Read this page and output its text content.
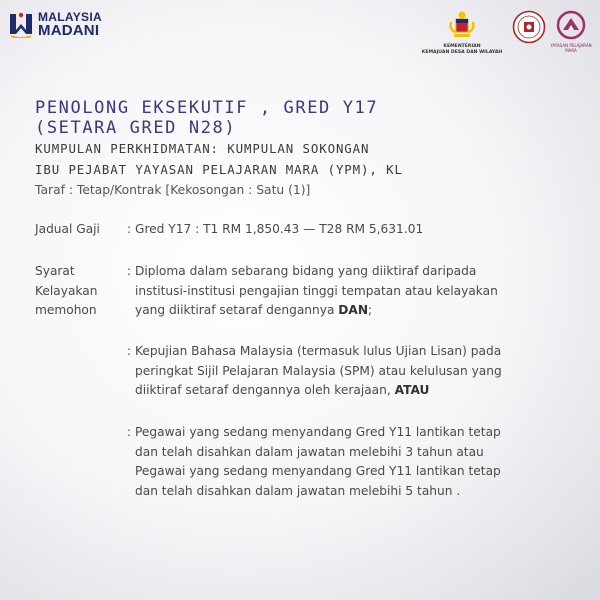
MALAYSIA
MADANI
KEMENTERIAN
KEMAJUAN DESA DAN WILAYAH
YAYASAN PELAJARAN MARA
PENOLONG EKSEKUTIF , GRED Y17
(SETARA GRED N28)
KUMPULAN PERKHIDMATAN: KUMPULAN SOKONGAN
IBU PEJABAT YAYASAN PELAJARAN MARA (YPM), KL
Taraf : Tetap/Kontrak [Kekosongan : Satu (1)]
Jadual Gaji	: Gred Y17 : T1 RM 1,850.43 — T28 RM 5,631.01
Syarat
Kelayakan
memohon
: Diploma dalam sebarang bidang yang diiktiraf daripada
institusi-institusi pengajian tinggi tempatan atau kelayakan
yang diiktiraf setaraf dengannya DAN;
: Kepujian Bahasa Malaysia (termasuk lulus Ujian Lisan) pada
peringkat Sijil Pelajaran Malaysia (SPM) atau kelulusan yang
diiktiraf setaraf dengannya oleh kerajaan, ATAU
: Pegawai yang sedang menyandang Gred Y11 lantikan tetap
dan telah disahkan dalam jawatan melebihi 3 tahun atau
Pegawai yang sedang menyandang Gred Y11 lantikan tetap
dan telah disahkan dalam jawatan melebihi 5 tahun .
